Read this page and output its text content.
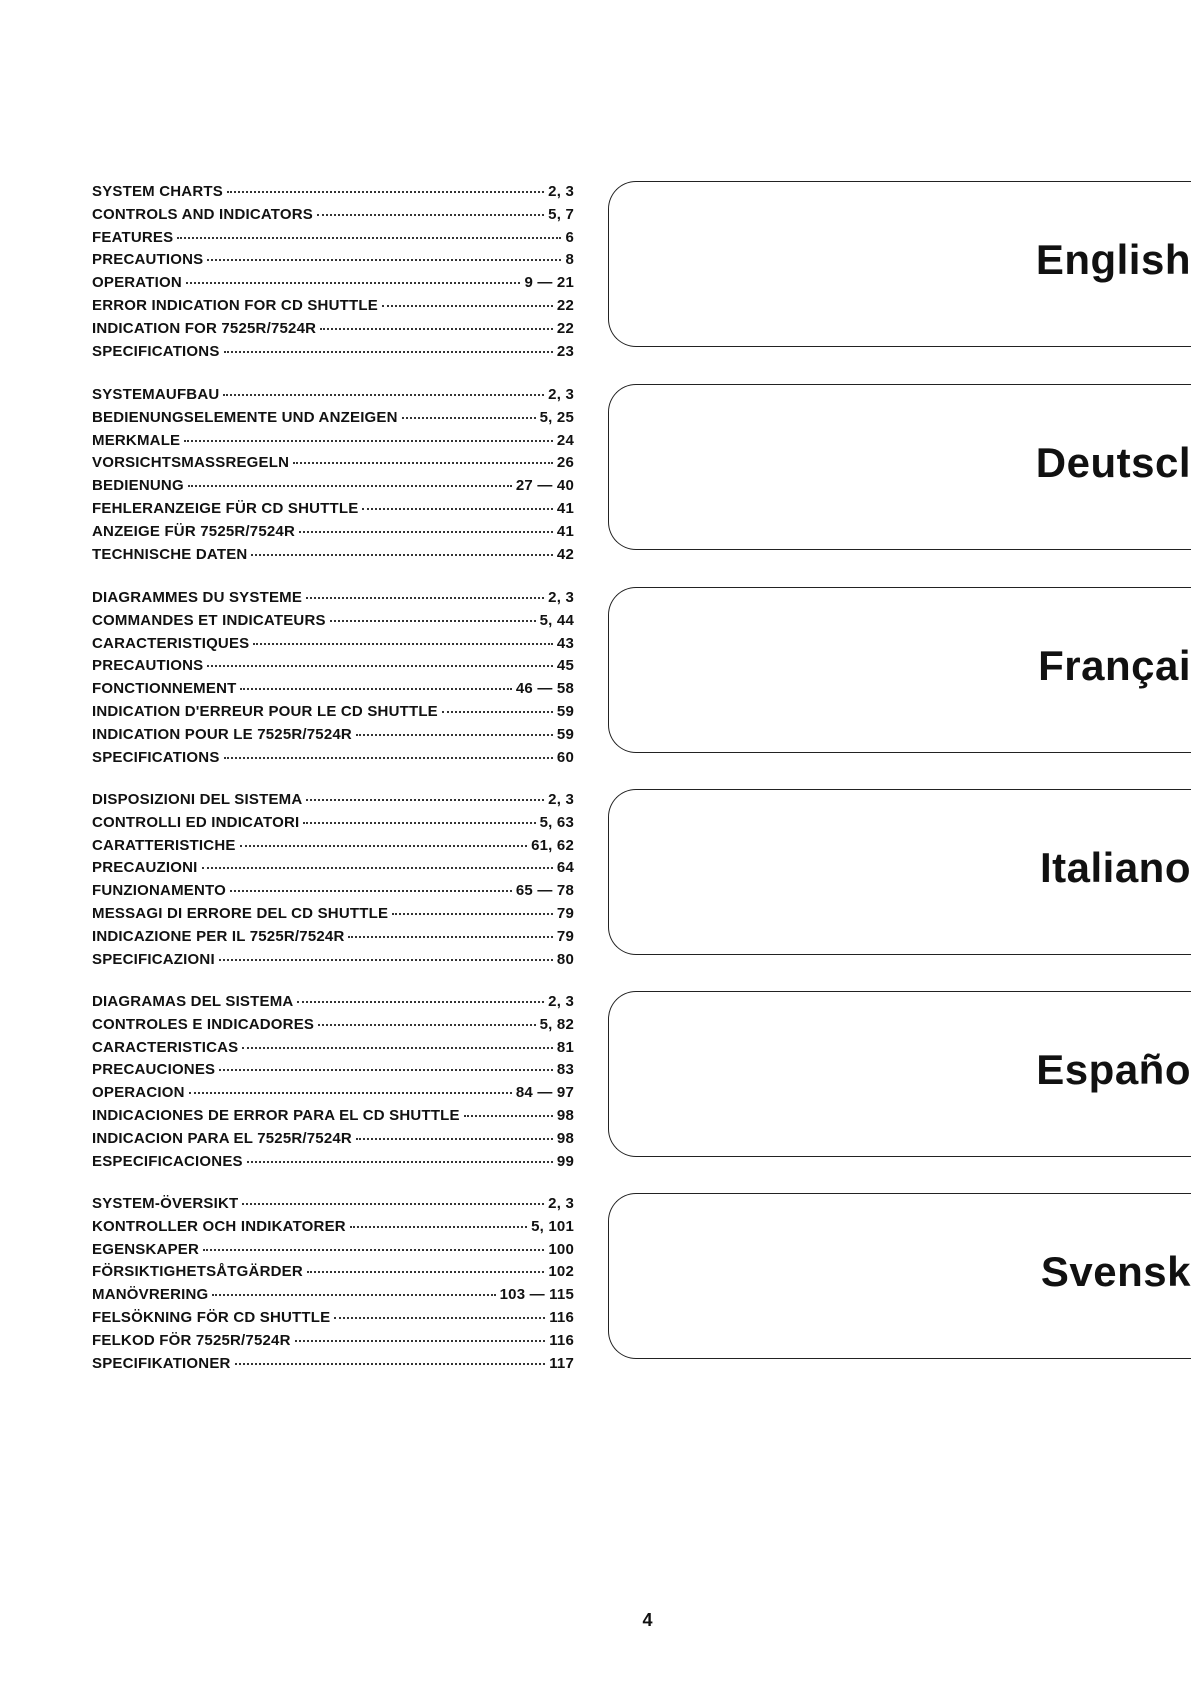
SYSTEM CHARTS	2, 3
CONTROLS AND INDICATORS	5, 7
FEATURES	6
PRECAUTIONS	8
OPERATION	9 — 21
ERROR INDICATION FOR CD SHUTTLE	22
INDICATION FOR 7525R/7524R	22
SPECIFICATIONS	23
English
SYSTEMAUFBAU	2, 3
BEDIENUNGSELEMENTE UND ANZEIGEN	5, 25
MERKMALE	24
VORSICHTSMASSREGELN	26
BEDIENUNG	27 — 40
FEHLERANZEIGE FÜR CD SHUTTLE	41
ANZEIGE FÜR 7525R/7524R	41
TECHNISCHE DATEN	42
Deutscl
DIAGRAMMES DU SYSTEME	2, 3
COMMANDES ET INDICATEURS	5, 44
CARACTERISTIQUES	43
PRECAUTIONS	45
FONCTIONNEMENT	46 — 58
INDICATION D'ERREUR POUR LE CD SHUTTLE	59
INDICATION POUR LE 7525R/7524R	59
SPECIFICATIONS	60
Françai
DISPOSIZIONI DEL SISTEMA	2, 3
CONTROLLI ED INDICATORI	5, 63
CARATTERISTICHE	61, 62
PRECAUZIONI	64
FUNZIONAMENTO	65 — 78
MESSAGI DI ERRORE DEL CD SHUTTLE	79
INDICAZIONE PER IL 7525R/7524R	79
SPECIFICAZIONI	80
Italiano
DIAGRAMAS DEL SISTEMA	2, 3
CONTROLES E INDICADORES	5, 82
CARACTERISTICAS	81
PRECAUCIONES	83
OPERACION	84 — 97
INDICACIONES DE ERROR PARA EL CD SHUTTLE	98
INDICACION PARA EL 7525R/7524R	98
ESPECIFICACIONES	99
Españo
SYSTEM-ÖVERSIKT	2, 3
KONTROLLER OCH INDIKATORER	5, 101
EGENSKAPER	100
FÖRSIKTIGHETSÅTGÄRDER	102
MANÖVRERING	103 — 115
FELSÖKNING FÖR CD SHUTTLE	116
FELKOD FÖR 7525R/7524R	116
SPECIFIKATIONER	117
Svensk
4
